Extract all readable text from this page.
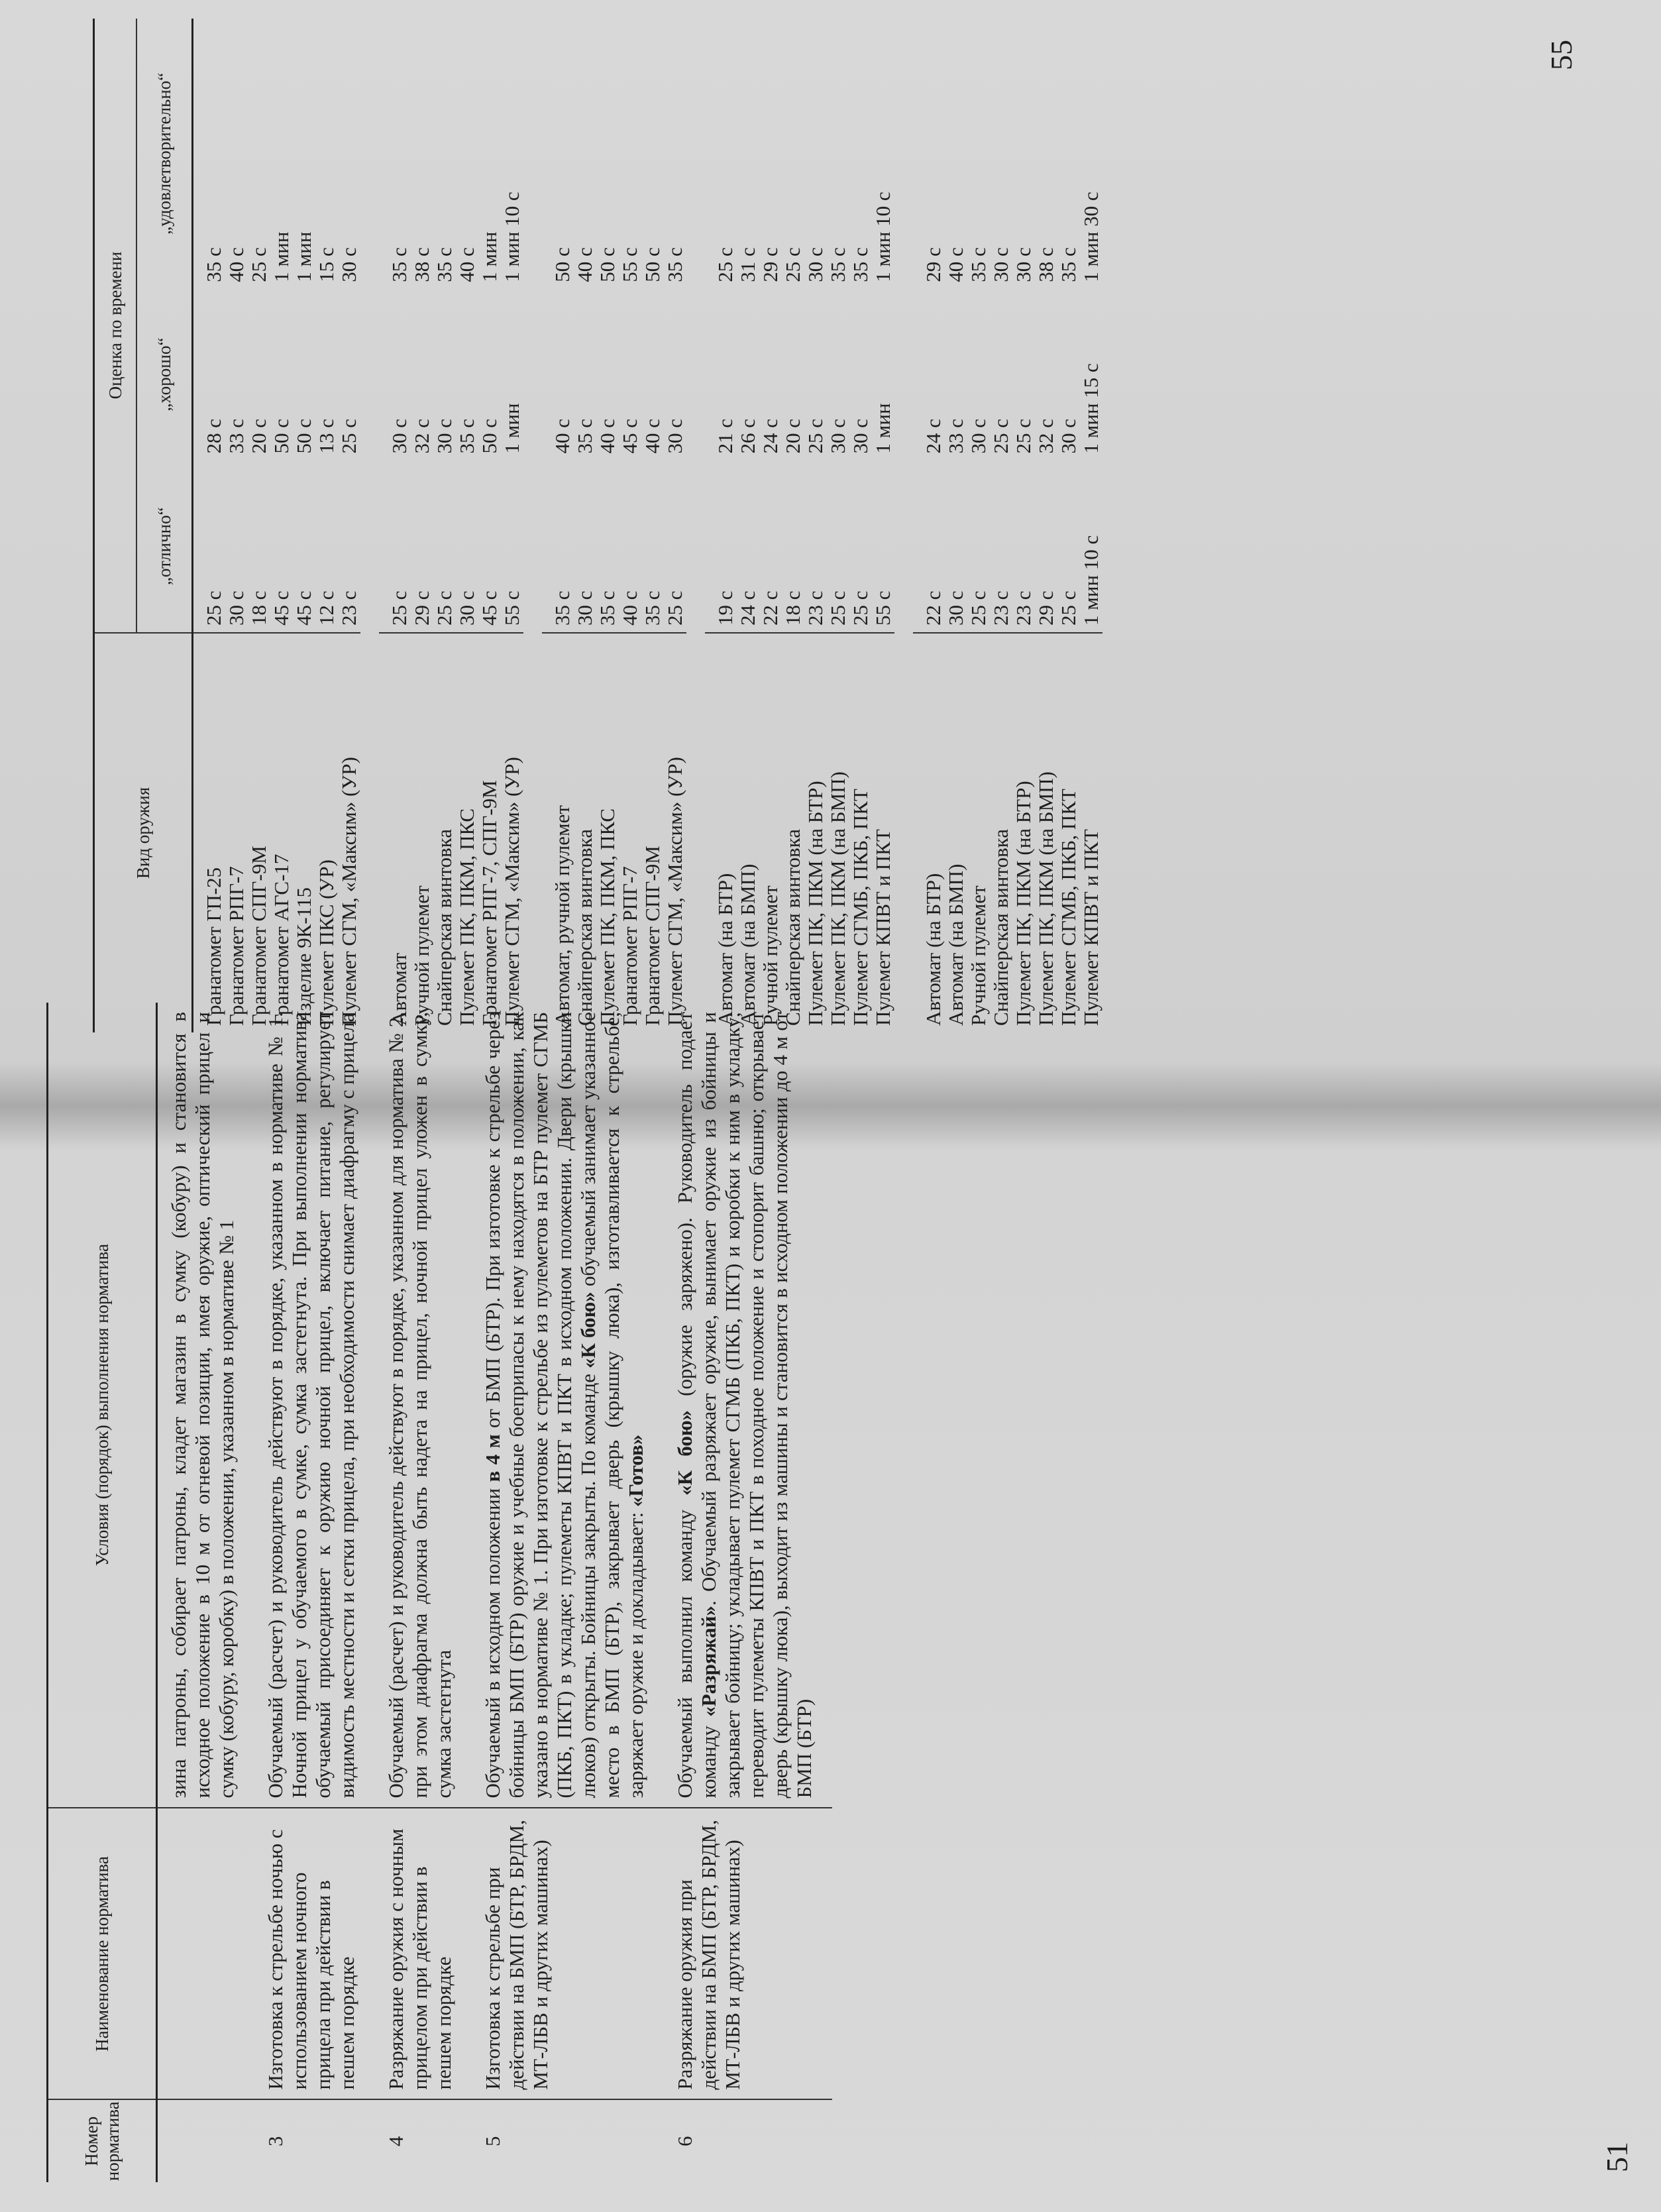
Номер норматива	Наименование норматива	Условия (порядок) выполнения норматива
		зина патроны, собирает патроны, кладет магазин в сумку (кобуру) и становится в исходное положение в 10 м от огневой позиции, имея оружие, оптический прицел и сумку (кобуру, коробку) в положении, указанном в нормативе № 1
3	Изготовка к стрельбе ночью с использованием ночного прицела при действии в пешем порядке	Обучаемый (расчет) и руководитель действуют в порядке, указанном в нормативе № 1. Ночной прицел у обучаемого в сумке, сумка застегнута. При выполнении норматива обучаемый присоединяет к оружию ночной прицел, включает питание, регулирует видимость местности и сетки прицела, при необходимости снимает диафрагму с прицела
4	Разряжание оружия с ночным прицелом при действии в пешем порядке	Обучаемый (расчет) и руководитель действуют в порядке, указанном для норматива № 2, при этом диафрагма должна быть надета на прицел, ночной прицел уложен в сумку, сумка застегнута
5	Изготовка к стрельбе при действии на БМП (БТР, БРДМ, МТ-ЛБВ и других машинах)	Обучаемый в исходном положении в 4 м от БМП (БТР). При изготовке к стрельбе через бойницы БМП (БТР) оружие и учебные боеприпасы к нему находятся в положении, как указано в нормативе № 1. При изготовке к стрельбе из пулеметов на БТР пулемет СГМБ (ПКБ, ПКТ) в укладке; пулеметы КПВТ и ПКТ в исходном положении. Двери (крышки люков) открыты. Бойницы закрыты. По команде «К бою» обучаемый занимает указанное место в БМП (БТР), закрывает дверь (крышку люка), изготавливается к стрельбе, заряжает оружие и докладывает: «Готов»
6	Разряжание оружия при действии на БМП (БТР, БРДМ, МТ-ЛБВ и других машинах)	Обучаемый выполнил команду «К бою» (оружие заряжено). Руководитель подает команду «Разряжай». Обучаемый разряжает оружие, вынимает оружие из бойницы и закрывает бойницу; укладывает пулемет СГМБ (ПКБ, ПКТ) и коробки к ним в укладку; переводит пулеметы КПВТ и ПКТ в походное положение и стопорит башню; открывает дверь (крышку люка), выходит из машины и становится в исходном положении до 4 м от БМП (БТР)
51
55
Вид оружия	Оценка по времени		
	„отлично“	„хорошо“	„удовлетворительно“
Гранатомет ГП-25	25 с	28 с	35 с
Гранатомет РПГ-7	30 с	33 с	40 с
Гранатомет СПГ-9М	18 с	20 с	25 с
Гранатомет АГС-17	45 с	50 с	1 мин
Изделие 9К-115	45 с	50 с	1 мин
Пулемет ПКС (УР)	12 с	13 с	15 с
Пулемет СГМ, «Максим» (УР)	23 с	25 с	30 с

Автомат	25 с	30 с	35 с
Ручной пулемет	29 с	32 с	38 с
Снайперская винтовка	25 с	30 с	35 с
Пулемет ПК, ПКМ, ПКС	30 с	35 с	40 с
Гранатомет РПГ-7, СПГ-9М	45 с	50 с	1 мин
Пулемет СГМ, «Максим» (УР)	55 с	1 мин	1 мин 10 с

Автомат, ручной пулемет	35 с	40 с	50 с
Снайперская винтовка	30 с	35 с	40 с
Пулемет ПК, ПКМ, ПКС	35 с	40 с	50 с
Гранатомет РПГ-7	40 с	45 с	55 с
Гранатомет СПГ-9М	35 с	40 с	50 с
Пулемет СГМ, «Максим» (УР)	25 с	30 с	35 с

Автомат (на БТР)	19 с	21 с	25 с
Автомат (на БМП)	24 с	26 с	31 с
Ручной пулемет	22 с	24 с	29 с
Снайперская винтовка	18 с	20 с	25 с
Пулемет ПК, ПКМ (на БТР)	23 с	25 с	30 с
Пулемет ПК, ПКМ (на БМП)	25 с	30 с	35 с
Пулемет СГМБ, ПКБ, ПКТ	25 с	30 с	35 с
Пулемет КПВТ и ПКТ	55 с	1 мин	1 мин 10 с

Автомат (на БТР)	22 с	24 с	29 с
Автомат (на БМП)	30 с	33 с	40 с
Ручной пулемет	25 с	30 с	35 с
Снайперская винтовка	23 с	25 с	30 с
Пулемет ПК, ПКМ (на БТР)	23 с	25 с	30 с
Пулемет ПК, ПКМ (на БМП)	29 с	32 с	38 с
Пулемет СГМБ, ПКБ, ПКТ	25 с	30 с	35 с
Пулемет КПВТ и ПКТ	1 мин 10 с	1 мин 15 с	1 мин 30 с
